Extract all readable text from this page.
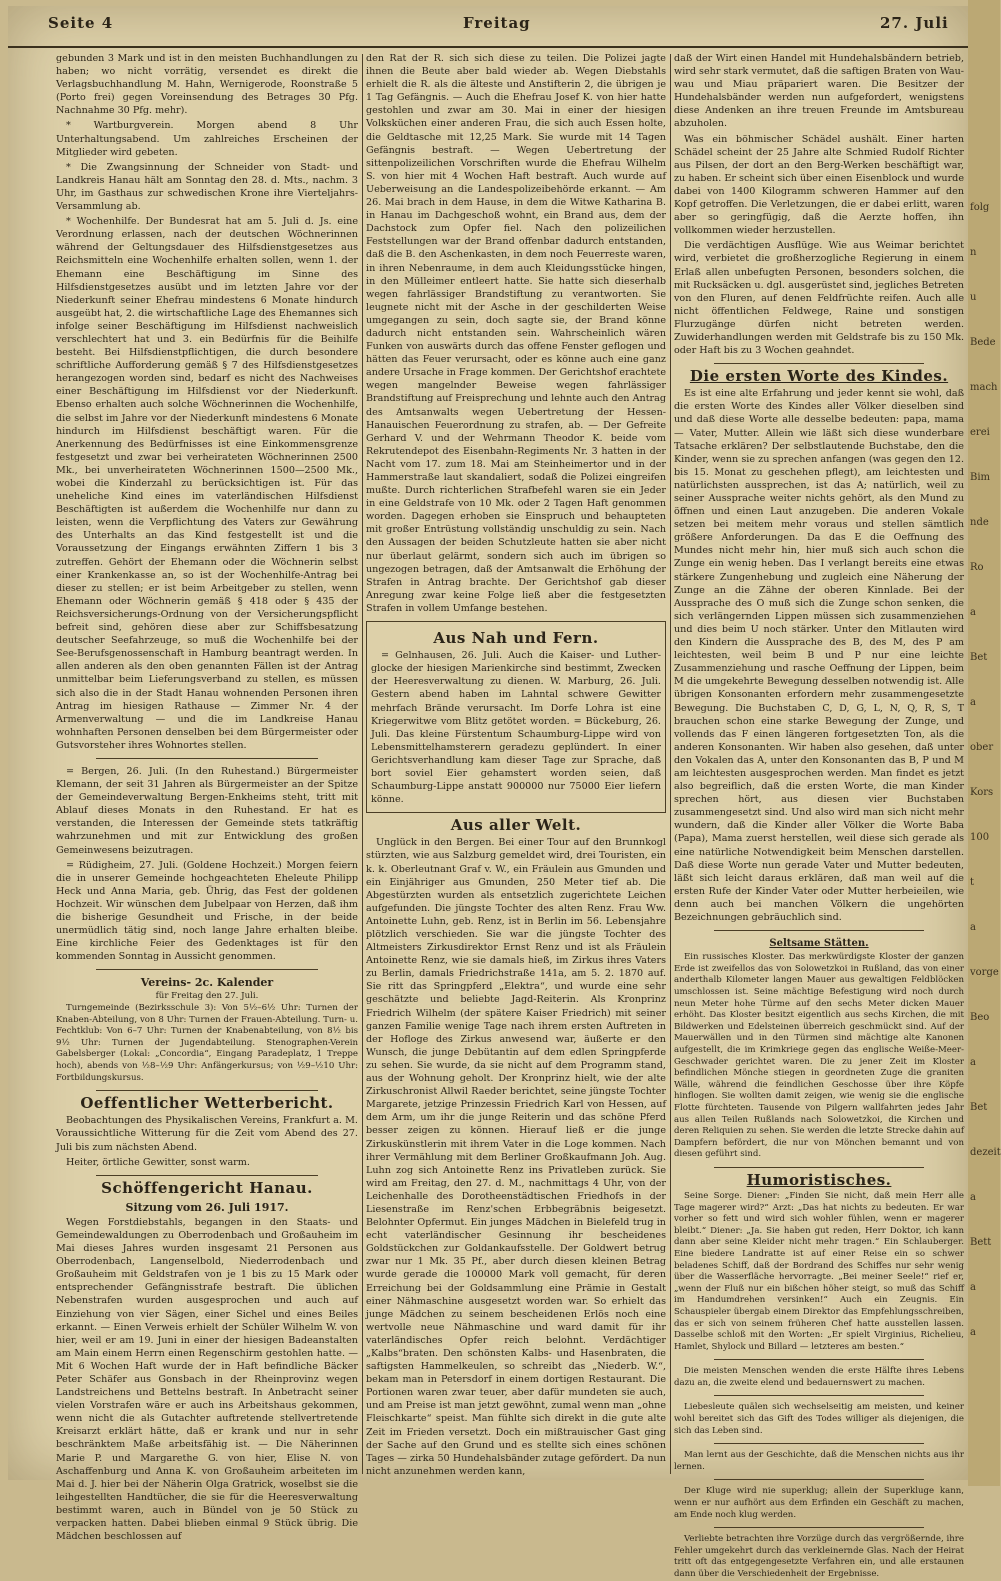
Seite 4	Freitag	27. Juli

gebunden 3 Mark und ist in den meisten Buchhandlungen zu haben; wo nicht vorrätig, versendet es direkt die Verlagsbuchhandlung M. Hahn, Wernigerode, Roonstraße 5 (Porto frei) gegen Voreinsendung des Betrages 30 Pfg. Nachnahme 30 Pfg. mehr).

* Wartburgverein. Morgen abend 8 Uhr Unterhaltungsabend. Um zahlreiches Erscheinen der Mitglieder wird gebeten.

* Die Zwangsinnung der Schneider von Stadt- und Landkreis Hanau hält am Sonntag den 28. d. Mts., nachm. 3 Uhr, im Gasthaus zur schwedischen Krone ihre Vierteljahrs-Versammlung ab.

* Wochenhilfe. Der Bundesrat hat am 5. Juli d. Js. eine Verordnung erlassen, nach der deutschen Wöchnerinnen während der Geltungsdauer des Hilfsdienstgesetzes aus Reichsmitteln eine Wochenhilfe erhalten sollen, wenn 1. der Ehemann eine Beschäftigung im Sinne des Hilfsdienstgesetzes ausübt und im letzten Jahre vor der Niederkunft seiner Ehefrau mindestens 6 Monate hindurch ausgeübt hat, 2. die wirtschaftliche Lage des Ehemannes sich infolge seiner Beschäftigung im Hilfsdienst nachweislich verschlechtert hat und 3. ein Bedürfnis für die Beihilfe besteht. Bei Hilfsdienstpflichtigen, die durch besondere schriftliche Aufforderung gemäß § 7 des Hilfsdienstgesetzes herangezogen worden sind, bedarf es nicht des Nachweises einer Beschäftigung im Hilfsdienst vor der Niederkunft. Ebenso erhalten auch solche Wöchnerinnen die Wochenhilfe, die selbst im Jahre vor der Niederkunft mindestens 6 Monate hindurch im Hilfsdienst beschäftigt waren. Für die Anerkennung des Bedürfnisses ist eine Einkommensgrenze festgesetzt und zwar bei verheirateten Wöchnerinnen 2500 Mk., bei unverheirateten Wöchnerinnen 1500—2500 Mk., wobei die Kinderzahl zu berücksichtigen ist. Für das uneheliche Kind eines im vaterländischen Hilfsdienst Beschäftigten ist außerdem die Wochenhilfe nur dann zu leisten, wenn die Verpflichtung des Vaters zur Gewährung des Unterhalts an das Kind festgestellt ist und die Voraussetzung der Eingangs erwähnten Ziffern 1 bis 3 zutreffen. Gehört der Ehemann oder die Wöchnerin selbst einer Krankenkasse an, so ist der Wochenhilfe-Antrag bei dieser zu stellen; er ist beim Arbeitgeber zu stellen, wenn Ehemann oder Wöchnerin gemäß § 418 oder § 435 der Reichsversicherungs-Ordnung von der Versicherungspflicht befreit sind, gehören diese aber zur Schiffsbesatzung deutscher Seefahrzeuge, so muß die Wochenhilfe bei der See-Berufsgenossenschaft in Hamburg beantragt werden. In allen anderen als den oben genannten Fällen ist der Antrag unmittelbar beim Lieferungsverband zu stellen, es müssen sich also die in der Stadt Hanau wohnenden Personen ihren Antrag im hiesigen Rathause — Zimmer Nr. 4 der Armenverwaltung — und die im Landkreise Hanau wohnhaften Personen denselben bei dem Bürgermeister oder Gutsvorsteher ihres Wohnortes stellen.

= Bergen, 26. Juli. (In den Ruhestand.) Bürgermeister Klemann, der seit 31 Jahren als Bürgermeister an der Spitze der Gemeindeverwaltung Bergen-Enkheims steht, tritt mit Ablauf dieses Monats in den Ruhestand. Er hat es verstanden, die Interessen der Gemeinde stets tatkräftig wahrzunehmen und mit zur Entwicklung des großen Gemeinwesens beizutragen.

= Rüdigheim, 27. Juli. (Goldene Hochzeit.) Morgen feiern die in unserer Gemeinde hochgeachteten Eheleute Philipp Heck und Anna Maria, geb. Ührig, das Fest der goldenen Hochzeit. Wir wünschen dem Jubelpaar von Herzen, daß ihm die bisherige Gesundheit und Frische, in der beide unermüdlich tätig sind, noch lange Jahre erhalten bleibe. Eine kirchliche Feier des Gedenktages ist für den kommenden Sonntag in Aussicht genommen.

Vereins- 2c. Kalender
für Freitag den 27. Juli.

Turngemeinde (Bezirksschule 3): Von 5½–6½ Uhr: Turnen der Knaben-Abteilung, von 8 Uhr: Turnen der Frauen-Abteilung. Turn- u. Fechtklub: Von 6–7 Uhr: Turnen der Knabenabteilung, von 8½ bis 9½ Uhr: Turnen der Jugendabteilung. Stenographen-Verein Gabelsberger (Lokal: „Concordia“, Eingang Paradeplatz, 1 Treppe hoch), abends von ½8–½9 Uhr: Anfängerkursus; von ½9–½10 Uhr: Fortbildungskursus.

Oeffentlicher Wetterbericht.

Beobachtungen des Physikalischen Vereins, Frankfurt a. M. Voraussichtliche Witterung für die Zeit vom Abend des 27. Juli bis zum nächsten Abend.

Heiter, örtliche Gewitter, sonst warm.

Schöffengericht Hanau.
Sitzung vom 26. Juli 1917.

Wegen Forstdiebstahls, begangen in den Staats- und Gemeindewaldungen zu Oberrodenbach und Großauheim im Mai dieses Jahres wurden insgesamt 21 Personen aus Oberrodenbach, Langenselbold, Niederrodenbach und Großauheim mit Geldstrafen von je 1 bis zu 15 Mark oder entsprechender Gefängnisstrafe bestraft. Die üblichen Nebenstrafen wurden ausgesprochen und auch auf Einziehung von vier Sägen, einer Sichel und eines Beiles erkannt. — Einen Verweis erhielt der Schüler Wilhelm W. von hier, weil er am 19. Juni in einer der hiesigen Badeanstalten am Main einem Herrn einen Regenschirm gestohlen hatte. — Mit 6 Wochen Haft wurde der in Haft befindliche Bäcker Peter Schäfer aus Gonsbach in der Rheinprovinz wegen Landstreichens und Bettelns bestraft. In Anbetracht seiner vielen Vorstrafen wäre er auch ins Arbeitshaus gekommen, wenn nicht die als Gutachter auftretende stellvertretende Kreisarzt erklärt hätte, daß er krank und nur in sehr beschränktem Maße arbeitsfähig ist. — Die Näherinnen Marie P. und Margarethe G. von hier, Elise N. von Aschaffenburg und Anna K. von Großauheim arbeiteten im Mai d. J. hier bei der Näherin Olga Gratrick, woselbst sie die leihgestellten Handtücher, die sie für die Heeresverwaltung bestimmt waren, auch in Bündel von je 50 Stück zu verpacken hatten. Dabei blieben einmal 9 Stück übrig. Die Mädchen beschlossen auf

den Rat der R. sich sich diese zu teilen. Die Polizei jagte ihnen die Beute aber bald wieder ab. Wegen Diebstahls erhielt die R. als die älteste und Anstifterin 2, die übrigen je 1 Tag Gefängnis. — Auch die Ehefrau Josef K. von hier hatte gestohlen und zwar am 30. Mai in einer der hiesigen Volksküchen einer anderen Frau, die sich auch Essen holte, die Geldtasche mit 12,25 Mark. Sie wurde mit 14 Tagen Gefängnis bestraft. — Wegen Uebertretung der sittenpolizeilichen Vorschriften wurde die Ehefrau Wilhelm S. von hier mit 4 Wochen Haft bestraft. Auch wurde auf Ueberweisung an die Landespolizeibehörde erkannt. — Am 26. Mai brach in dem Hause, in dem die Witwe Katharina B. in Hanau im Dachgeschoß wohnt, ein Brand aus, dem der Dachstock zum Opfer fiel. Nach den polizeilichen Feststellungen war der Brand offenbar dadurch entstanden, daß die B. den Aschenkasten, in dem noch Feuerreste waren, in ihren Nebenraume, in dem auch Kleidungsstücke hingen, in den Mülleimer entleert hatte. Sie hatte sich dieserhalb wegen fahrlässiger Brandstiftung zu verantworten. Sie leugnete nicht mit der Asche in der geschilderten Weise umgegangen zu sein, doch sagte sie, der Brand könne dadurch nicht entstanden sein. Wahrscheinlich wären Funken von auswärts durch das offene Fenster geflogen und hätten das Feuer verursacht, oder es könne auch eine ganz andere Ursache in Frage kommen. Der Gerichtshof erachtete wegen mangelnder Beweise wegen fahrlässiger Brandstiftung auf Freisprechung und lehnte auch den Antrag des Amtsanwalts wegen Uebertretung der Hessen-Hanauischen Feuerordnung zu strafen, ab. — Der Gefreite Gerhard V. und der Wehrmann Theodor K. beide vom Rekrutendepot des Eisenbahn-Regiments Nr. 3 hatten in der Nacht vom 17. zum 18. Mai am Steinheimertor und in der Hammerstraße laut skandaliert, sodaß die Polizei eingreifen mußte. Durch richterlichen Strafbefehl waren sie ein Jeder in eine Geldstrafe von 10 Mk. oder 2 Tagen Haft genommen worden. Dagegen erhoben sie Einspruch und behaupteten mit großer Entrüstung vollständig unschuldig zu sein. Nach den Aussagen der beiden Schutzleute hatten sie aber nicht nur überlaut gelärmt, sondern sich auch im übrigen so ungezogen betragen, daß der Amtsanwalt die Erhöhung der Strafen in Antrag brachte. Der Gerichtshof gab dieser Anregung zwar keine Folge ließ aber die festgesetzten Strafen in vollem Umfange bestehen.

Aus Nah und Fern.

= Gelnhausen, 26. Juli. Auch die Kaiser- und Luther-glocke der hiesigen Marienkirche sind bestimmt, Zwecken der Heeresverwaltung zu dienen. W. Marburg, 26. Juli. Gestern abend haben im Lahntal schwere Gewitter mehrfach Brände verursacht. Im Dorfe Lohra ist eine Kriegerwitwe vom Blitz getötet worden. = Bückeburg, 26. Juli. Das kleine Fürstentum Schaumburg-Lippe wird von Lebensmittelhamsterern geradezu geplündert. In einer Gerichtsverhandlung kam dieser Tage zur Sprache, daß bort soviel Eier gehamstert worden seien, daß Schaumburg-Lippe anstatt 900000 nur 75000 Eier liefern könne.

Aus aller Welt.

Unglück in den Bergen. Bei einer Tour auf den Brunnkogl stürzten, wie aus Salzburg gemeldet wird, drei Touristen, ein k. k. Oberleutnant Graf v. W., ein Fräulein aus Gmunden und ein Einjähriger aus Gmunden, 250 Meter tief ab. Die Abgestürzten wurden als entsetzlich zugerichtete Leichen aufgefunden. Die jüngste Tochter des alten Renz. Frau Ww. Antoinette Luhn, geb. Renz, ist in Berlin im 56. Lebensjahre plötzlich verschieden. Sie war die jüngste Tochter des Altmeisters Zirkusdirektor Ernst Renz und ist als Fräulein Antoinette Renz, wie sie damals hieß, im Zirkus ihres Vaters zu Berlin, damals Friedrichstraße 141a, am 5. 2. 1870 auf. Sie ritt das Springpferd „Elektra“, und wurde eine sehr geschätzte und beliebte Jagd-Reiterin. Als Kronprinz Friedrich Wilhelm (der spätere Kaiser Friedrich) mit seiner ganzen Familie wenige Tage nach ihrem ersten Auftreten in der Hofloge des Zirkus anwesend war, äußerte er den Wunsch, die junge Debütantin auf dem edlen Springpferde zu sehen. Sie wurde, da sie nicht auf dem Programm stand, aus der Wohnung geholt. Der Kronprinz hielt, wie der alte Zirkuschronist Allwil Raeder berichtet, seine jüngste Tochter Margarete, jetzige Prinzessin Friedrich Karl von Hessen, auf dem Arm, um ihr die junge Reiterin und das schöne Pferd besser zeigen zu können. Hierauf ließ er die junge Zirkuskünstlerin mit ihrem Vater in die Loge kommen. Nach ihrer Vermählung mit dem Berliner Großkaufmann Joh. Aug. Luhn zog sich Antoinette Renz ins Privatleben zurück. Sie wird am Freitag, den 27. d. M., nachmittags 4 Uhr, von der Leichenhalle des Dorotheenstädtischen Friedhofs in der Liesenstraße im Renz'schen Erbbegräbnis beigesetzt. Belohnter Opfermut. Ein junges Mädchen in Bielefeld trug in echt vaterländischer Gesinnung ihr bescheidenes Goldstückchen zur Goldankaufsstelle. Der Goldwert betrug zwar nur 1 Mk. 35 Pf., aber durch diesen kleinen Betrag wurde gerade die 100000 Mark voll gemacht, für deren Erreichung bei der Goldsammlung eine Prämie in Gestalt einer Nähmaschine ausgesetzt worden war. So erhielt das junge Mädchen zu seinem bescheidenen Erlös noch eine wertvolle neue Nähmaschine und ward damit für ihr vaterländisches Opfer reich belohnt. Verdächtiger „Kalbs“braten. Den schönsten Kalbs- und Hasenbraten, die saftigsten Hammelkeulen, so schreibt das „Niederb. W.“, bekam man in Petersdorf in einem dortigen Restaurant. Die Portionen waren zwar teuer, aber dafür mundeten sie auch, und am Preise ist man jetzt gewöhnt, zumal wenn man „ohne Fleischkarte“ speist. Man fühlte sich direkt in die gute alte Zeit im Frieden versetzt. Doch ein mißtrauischer Gast ging der Sache auf den Grund und es stellte sich eines schönen Tages — zirka 50 Hundehalsbänder zutage gefördert. Da nun nicht anzunehmen werden kann,

daß der Wirt einen Handel mit Hundehalsbändern betrieb, wird sehr stark vermutet, daß die saftigen Braten von Wau-wau und Miau präpariert waren. Die Besitzer der Hundehalsbänder werden nun aufgefordert, wenigstens diese Andenken an ihre treuen Freunde im Amtsbureau abzuholen.

Was ein böhmischer Schädel aushält. Einer harten Schädel scheint der 25 Jahre alte Schmied Rudolf Richter aus Pilsen, der dort an den Berg-Werken beschäftigt war, zu haben. Er scheint sich über einen Eisenblock und wurde dabei von 1400 Kilogramm schweren Hammer auf den Kopf getroffen. Die Verletzungen, die er dabei erlitt, waren aber so geringfügig, daß die Aerzte hoffen, ihn vollkommen wieder herzustellen.

Die verdächtigen Ausflüge. Wie aus Weimar berichtet wird, verbietet die großherzogliche Regierung in einem Erlaß allen unbefugten Personen, besonders solchen, die mit Rucksäcken u. dgl. ausgerüstet sind, jegliches Betreten von den Fluren, auf denen Feldfrüchte reifen. Auch alle nicht öffentlichen Feldwege, Raine und sonstigen Flurzugänge dürfen nicht betreten werden. Zuwiderhandlungen werden mit Geldstrafe bis zu 150 Mk. oder Haft bis zu 3 Wochen geahndet.

Die ersten Worte des Kindes.

Es ist eine alte Erfahrung und jeder kennt sie wohl, daß die ersten Worte des Kindes aller Völker dieselben sind und daß diese Worte alle desselbe bedeuten: papa, mama — Vater, Mutter. Allein wie läßt sich diese wunderbare Tatsache erklären? Der selbstlautende Buchstabe, den die Kinder, wenn sie zu sprechen anfangen (was gegen den 12. bis 15. Monat zu geschehen pflegt), am leichtesten und natürlichsten aussprechen, ist das A; natürlich, weil zu seiner Aussprache weiter nichts gehört, als den Mund zu öffnen und einen Laut anzugeben. Die anderen Vokale setzen bei meitem mehr voraus und stellen sämtlich größere Anforderungen. Da das E die Oeffnung des Mundes nicht mehr hin, hier muß sich auch schon die Zunge ein wenig heben. Das I verlangt bereits eine etwas stärkere Zungenhebung und zugleich eine Näherung der Zunge an die Zähne der oberen Kinnlade. Bei der Aussprache des O muß sich die Zunge schon senken, die sich verlängernden Lippen müssen sich zusammenziehen und dies beim U noch stärker. Unter den Mitlauten wird den Kindern die Aussprache des B, des M, des P am leichtesten, weil beim B und P nur eine leichte Zusammenziehung und rasche Oeffnung der Lippen, beim M die umgekehrte Bewegung desselben notwendig ist. Alle übrigen Konsonanten erfordern mehr zusammengesetzte Bewegung. Die Buchstaben C, D, G, L, N, Q, R, S, T brauchen schon eine starke Bewegung der Zunge, und vollends das F einen längeren fortgesetzten Ton, als die anderen Konsonanten. Wir haben also gesehen, daß unter den Vokalen das A, unter den Konsonanten das B, P und M am leichtesten ausgesprochen werden. Man findet es jetzt also begreiflich, daß die ersten Worte, die man Kinder sprechen hört, aus diesen vier Buchstaben zusammengesetzt sind. Und also wird man sich nicht mehr wundern, daß die Kinder aller Völker die Worte Baba (Papa), Mama zuerst herstellen, weil diese sich gerade als eine natürliche Notwendigkeit beim Menschen darstellen. Daß diese Worte nun gerade Vater und Mutter bedeuten, läßt sich leicht daraus erklären, daß man weil auf die ersten Rufe der Kinder Vater oder Mutter herbeieilen, wie denn auch bei manchen Völkern die ungehörten Bezeichnungen gebräuchlich sind.

Seltsame Stätten.

Ein russisches Kloster. Das merkwürdigste Kloster der ganzen Erde ist zweifellos das von Solowetzkoi in Rußland, das von einer anderthalb Kilometer langen Mauer aus gewaltigen Feldblöcken umschlossen ist. Seine mächtige Befestigung wird noch durch neun Meter hohe Türme auf den sechs Meter dicken Mauer erhöht. Das Kloster besitzt eigentlich aus sechs Kirchen, die mit Bildwerken und Edelsteinen überreich geschmückt sind. Auf der Mauerwällen und in den Türmen sind mächtige alte Kanonen aufgestellt, die im Krimkriege gegen das englische Weiße-Meer-Geschwader gerichtet waren. Die zu jener Zeit im Kloster befindlichen Mönche stiegen in geordneten Zuge die graniten Wälle, während die feindlichen Geschosse über ihre Köpfe hinflogen. Sie wollten damit zeigen, wie wenig sie die englische Flotte fürchteten. Tausende von Pilgern wallfahrten jedes Jahr aus allen Teilen Rußlands nach Solowetzkoi, die Kirchen und deren Reliquien zu sehen. Sie werden die letzte Strecke dahin auf Dampfern befördert, die nur von Mönchen bemannt und von diesen geführt sind.

Humoristisches.

Seine Sorge. Diener: „Finden Sie nicht, daß mein Herr alle Tage magerer wird?“ Arzt: „Das hat nichts zu bedeuten. Er war vorher so fett und wird sich wohler fühlen, wenn er magerer bleibt.“ Diener: „Ja. Sie haben gut reden, Herr Doktor, ich kann dann aber seine Kleider nicht mehr tragen.“ Ein Schlauberger. Eine biedere Landratte ist auf einer Reise ein so schwer beladenes Schiff, daß der Bordrand des Schiffes nur sehr wenig über die Wasserfläche hervorragte. „Bei meiner Seele!“ rief er, „wenn der Fluß nur ein bißchen höher steigt, so muß das Schiff im Handumdrehen versinken!“ Auch ein Zeugnis. Ein Schauspieler übergab einem Direktor das Empfehlungsschreiben, das er sich von seinem früheren Chef hatte ausstellen lassen. Dasselbe schloß mit den Worten: „Er spielt Virginius, Richelieu, Hamlet, Shylock und Billard — letzteres am besten.“

Die meisten Menschen wenden die erste Hälfte ihres Lebens dazu an, die zweite elend und bedauernswert zu machen.

Liebesleute quälen sich wechselseitig am meisten, und keiner wohl bereitet sich das Gift des Todes williger als diejenigen, die sich das Leben sind.

Man lernt aus der Geschichte, daß die Menschen nichts aus ihr lernen.

Der Kluge wird nie superklug; allein der Superkluge kann, wenn er nur aufhört aus dem Erfinden ein Geschäft zu machen, am Ende noch klug werden.

Verliebte betrachten ihre Vorzüge durch das vergrößernde, ihre Fehler umgekehrt durch das verkleinernde Glas. Nach der Heirat tritt oft das entgegengesetzte Verfahren ein, und alle erstaunen dann über die Verschiedenheit der Ergebnisse.

folg
n
u
Bede
mach
erei
Bim
nde
Ro
a
Bet
a
ober
Kors
100
t
a
vorge
Beo
a
Bet
dezeit
a
Bett
a
a
